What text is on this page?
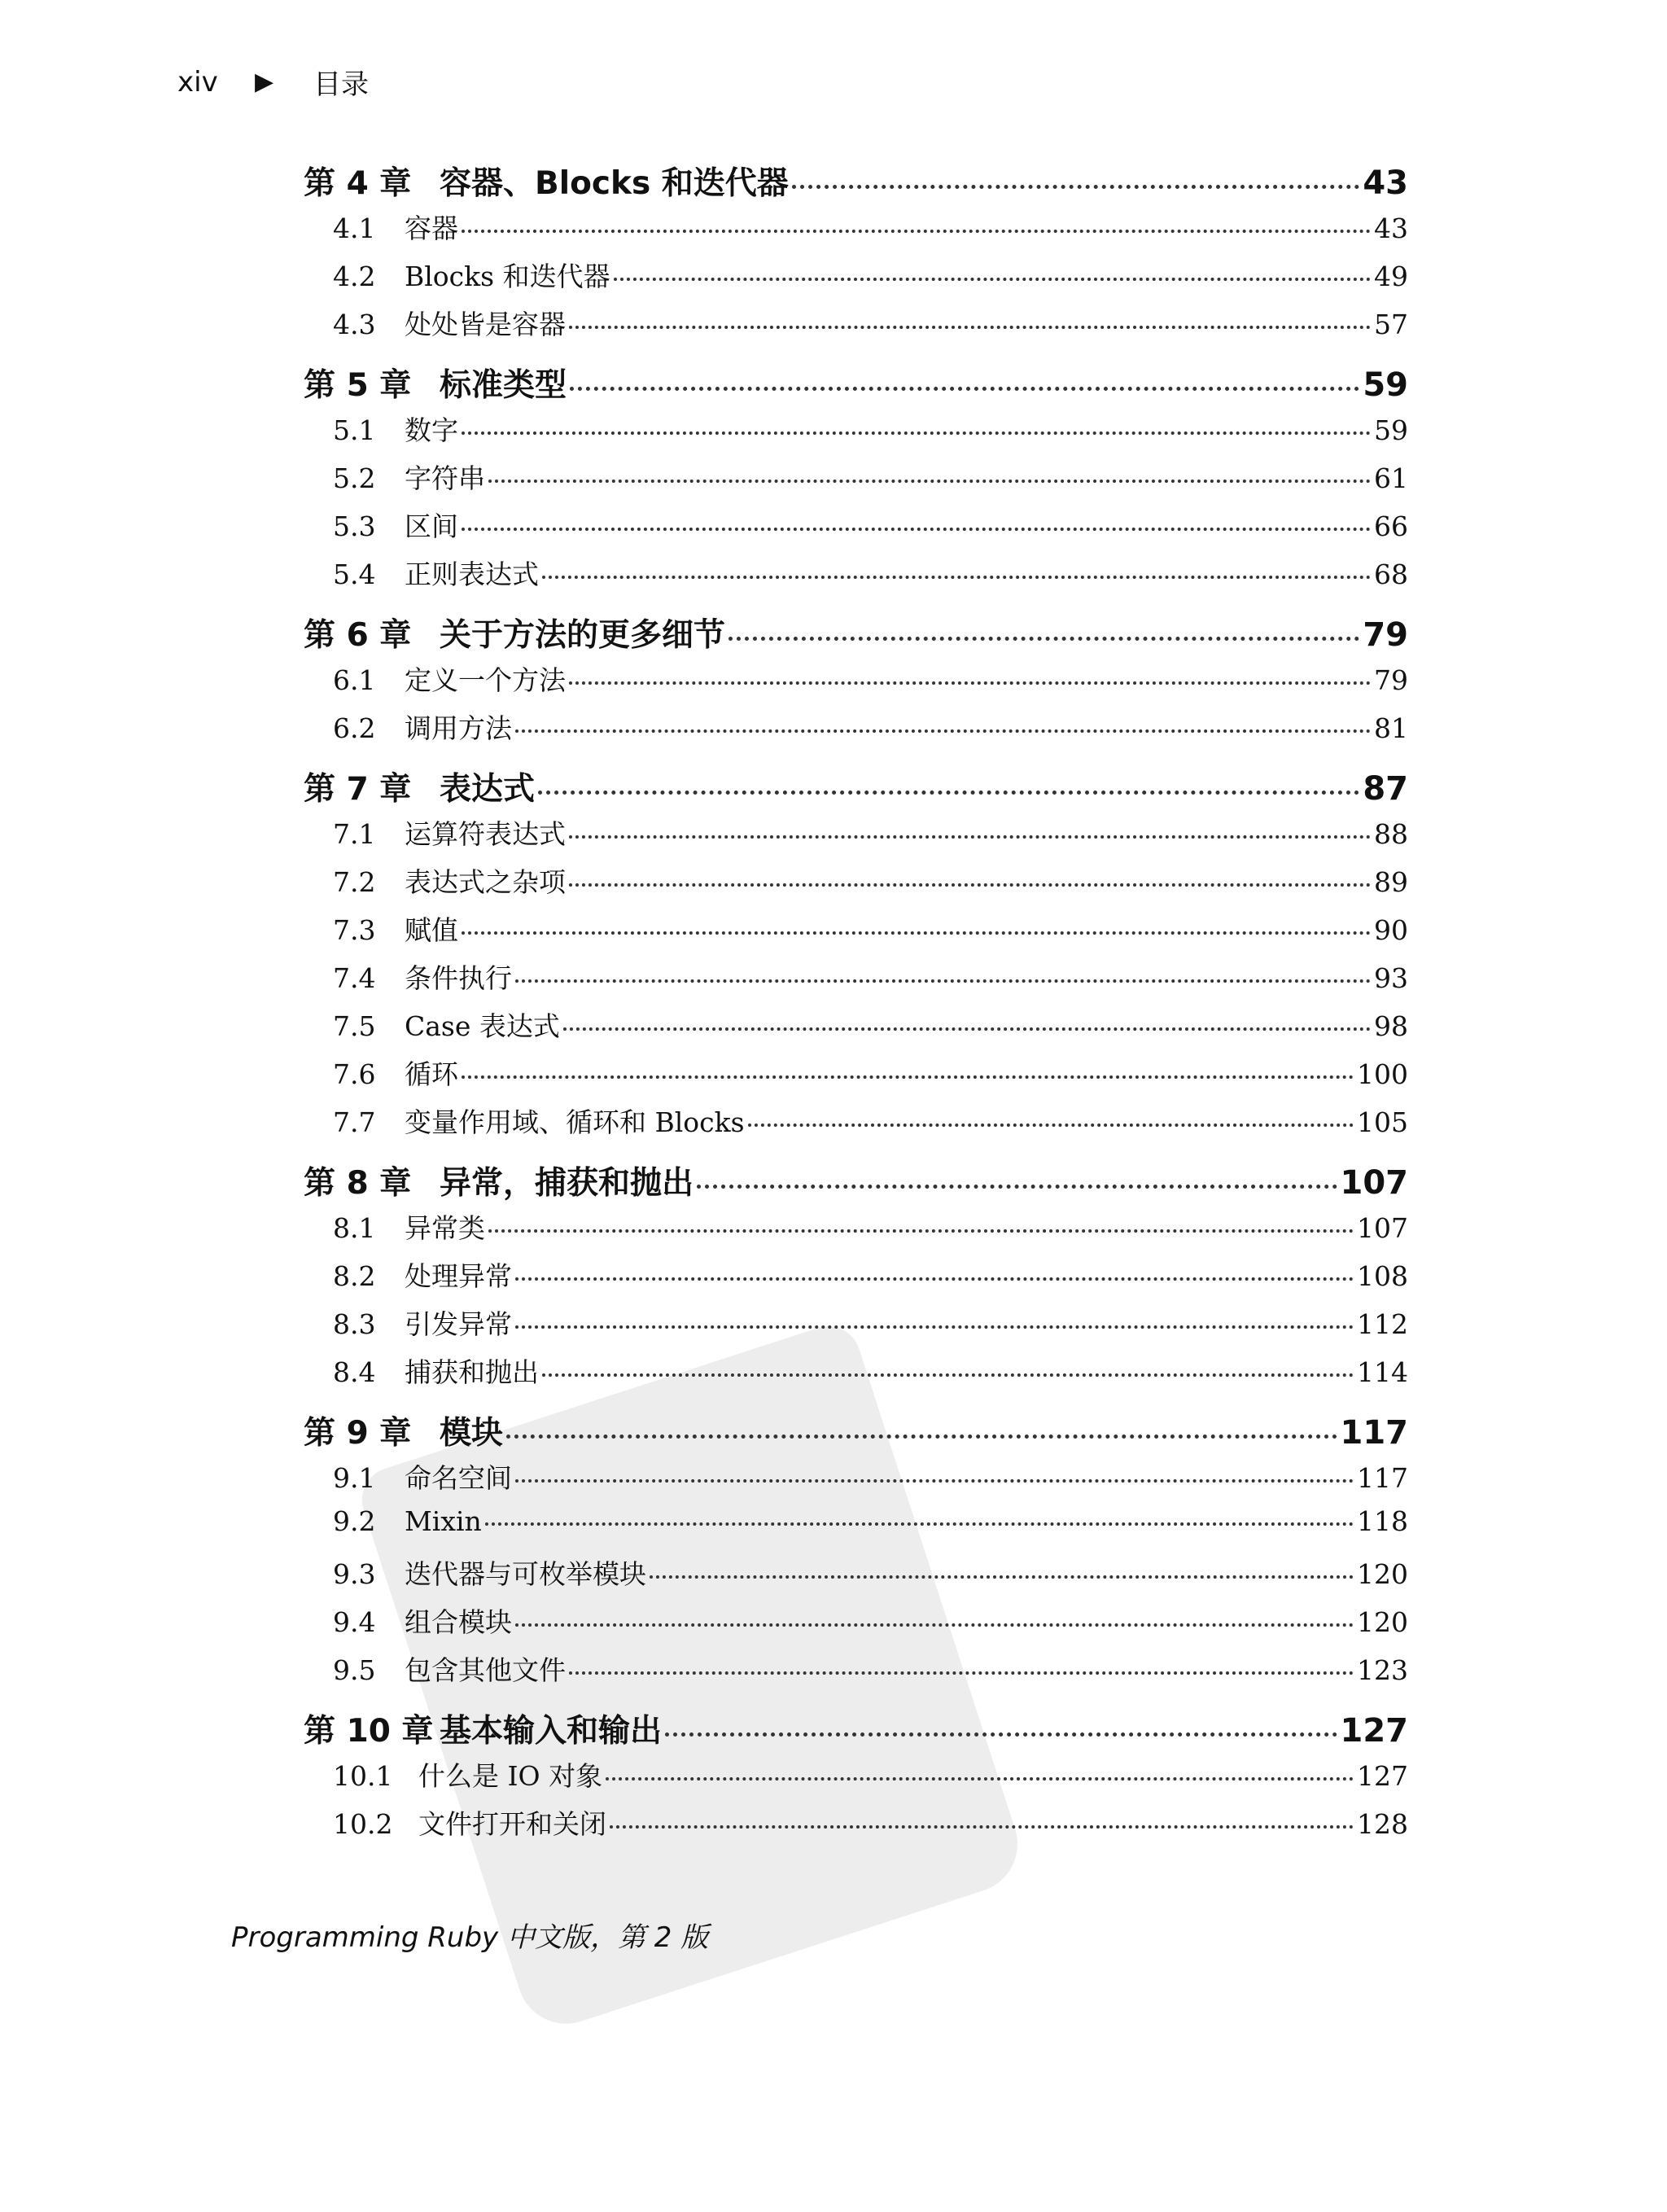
xiv	▶	目录
第 4 章 容器、Blocks 和迭代器	43
4.1	容器	43
4.2	Blocks 和迭代器	49
4.3	处处皆是容器	57
第 5 章 标准类型	59
5.1	数字	59
5.2	字符串	61
5.3	区间	66
5.4	正则表达式	68
第 6 章 关于方法的更多细节	79
6.1	定义一个方法	79
6.2	调用方法	81
第 7 章 表达式	87
7.1	运算符表达式	88
7.2	表达式之杂项	89
7.3	赋值	90
7.4	条件执行	93
7.5	Case 表达式	98
7.6	循环	100
7.7	变量作用域、循环和 Blocks	105
第 8 章 异常，捕获和抛出	107
8.1	异常类	107
8.2	处理异常	108
8.3	引发异常	112
8.4	捕获和抛出	114
第 9 章 模块	117
9.1	命名空间	117
9.2	Mixin	118
9.3	迭代器与可枚举模块	120
9.4	组合模块	120
9.5	包含其他文件	123
第 10 章 基本输入和输出	127
10.1 什么是 IO 对象	127
10.2 文件打开和关闭	128
Programming Ruby 中文版，第 2 版
